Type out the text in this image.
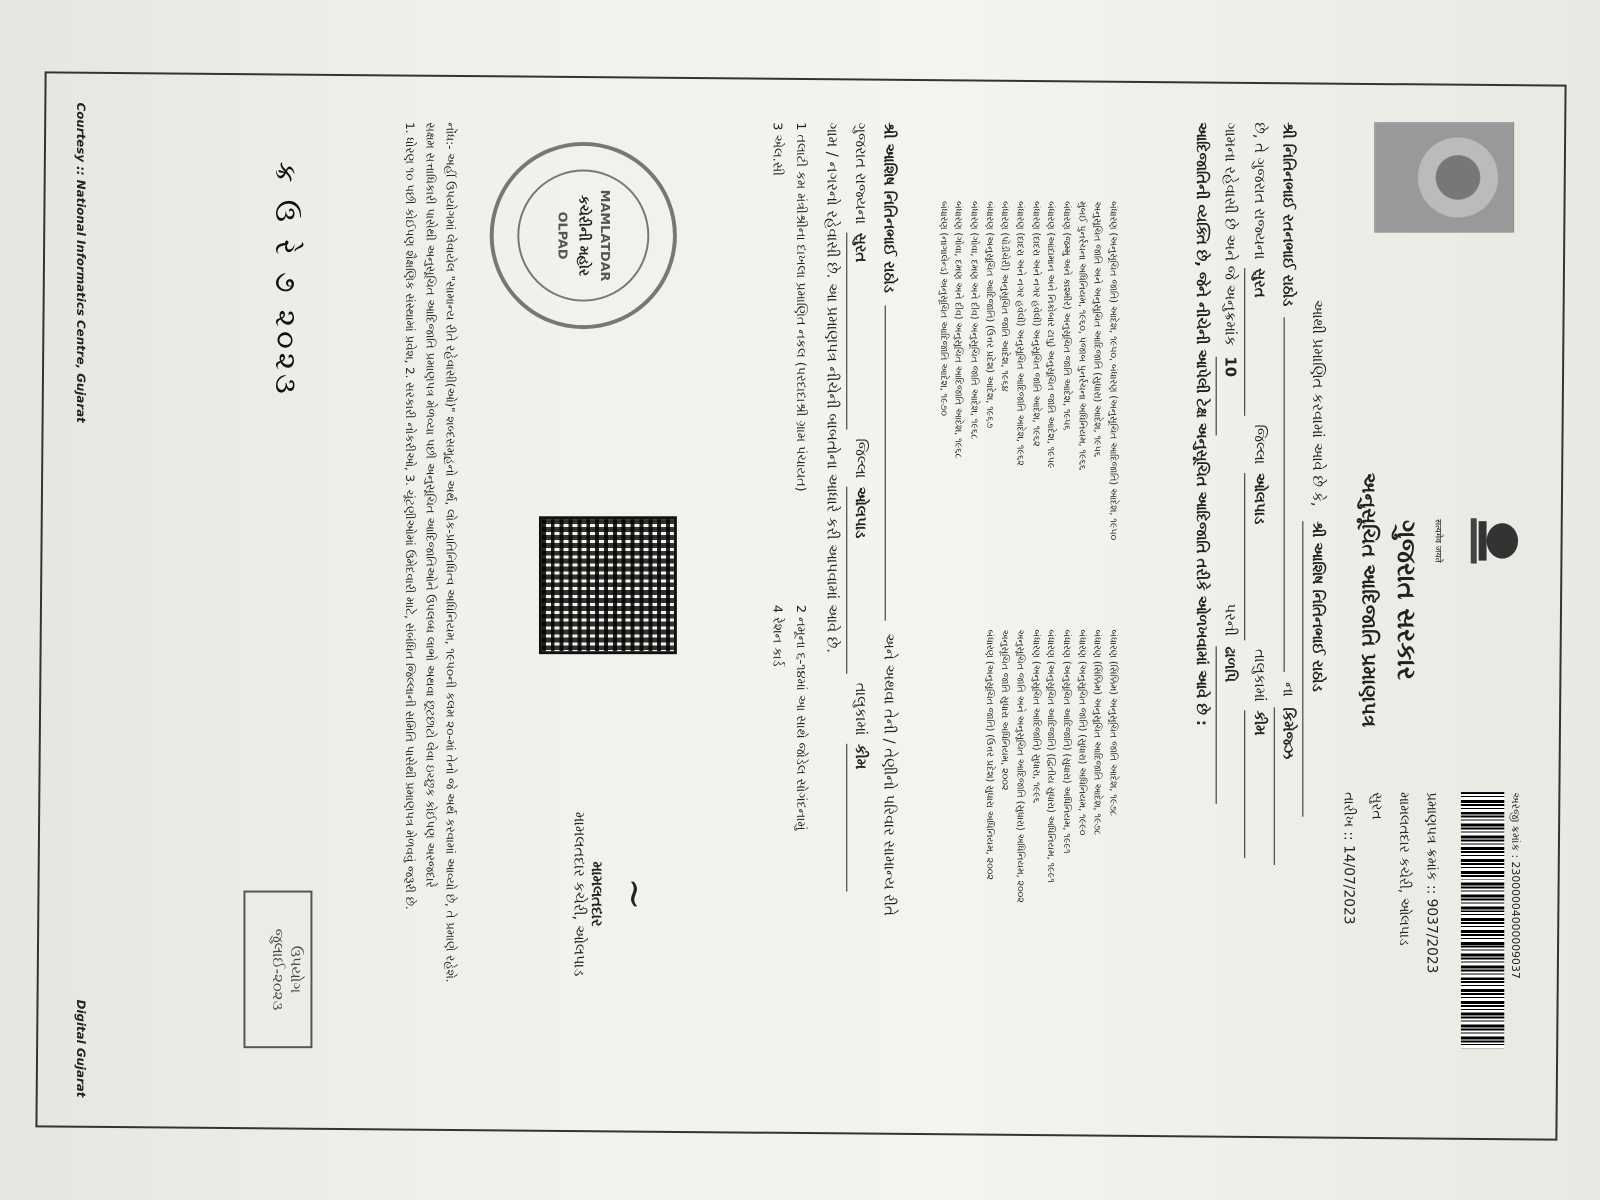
અરજી ક્રમાંક : 23000004000009037
सत्यमेव जयते
ગુજરાત સરકાર
અનુસૂચિત આદિજાતિ પ્રમાણપત્ર
પ્રમાણપત્ર ક્રમાંક :: 9037/2023
મામલતદાર કચેરી, ઓલપાડ
સુરત
તારીખ :: 14/07/2023
આથી પ્રમાણિત કરવામાં આવે છે કે, શ્રી આશિષ નિતિનભાઈ રાઠોડ
શ્રી નિતિનભાઈ રતનભાઈ રાઠોડ  ના કિમેજ્ઝ
છે, તે ગુજરાત રાજ્યના સુરત જિલ્લા ઓલપાડ તાલુકામાં કીમ
ગામના રહેવાસી છે અને જે અનુક્રમાંક 10 પરની ઢાળપિ
આદિજાતિની વ્યક્તિ છે, જેને નીચેની આપેલી ટેક્ષ અનુસૂચિત આદિજાતિ તરીકે ઓળખવામાં આવે છે :
બંધારણ (અનુસૂચિત જાતિ) આદેશ, ૧૯૫૦, બંધારણ (અનુસૂચિત આદિજાતિ) આદેશ, ૧૯૫૦
બંધારણ (સિક્કિમ) અનુસૂચિત જાતિ આદેશ, ૧૯૭૮
અનુસૂચિત જાતિ અને અનુસૂચિત આદિજાતિ (સુધારા) આદેશ, ૧૯૫૬
બંધારણ (સિક્કિમ) અનુસૂચિત આદિજાતિ આદેશ, ૧૯૭૮
મુંબઈ પુનર્રચના અધિનિયમ, ૧૯૬૦, પંજાબ પુનર્રચના અધિનિયમ, ૧૯૬૬
બંધારણ (અનુસૂચિત જાતિ) (સુધારા) અધિનિયમ, ૧૯૯૦
બંધારણ (જમ્મુ અને કાશ્મીર) અનુસૂચિત જાતિ આદેશ, ૧૯૫૬
બંધારણ (અનુસૂચિત આદિજાતિ) (સુધારા) અધિનિયમ, ૧૯૯૧
બંધારણ (આંદામાન અને નિકોબાર ટાપુ) અનુસૂચિત જાતિ આદેશ, ૧૯૫૯
બંધારણ (અનુસૂચિત આદિજાતિ) (દ્વિતીય સુધારા) અધિનિયમ, ૧૯૯૧
બંધારણ (દાદરા અને નગર હવેલી) અનુસૂચિત જાતિ આદેશ, ૧૯૬૨
બંધારણ (અનુસૂચિત આદિજાતિ) સુધારા, ૧૯૯૬
બંધારણ (દાદરા અને નગર હવેલી) અનુસૂચિત આદિજાતિ આદેશ, ૧૯૬૨
અનુસૂચિત જાતિ અને અનુસૂચિત આદિજાતિ (સુધારા) અધિનિયમ, ૨૦૦૨
બંધારણ (પોંડીચેરી) અનુસૂચિત જાતિ આદેશ, ૧૯૬૪
અનુસૂચિત જાતિ સુધારા અધિનિયમ, ૨૦૦૨
બંધારણ (અનુસૂચિત આદિજાતિ) (ઉત્તર પ્રદેશ) આદેશ, ૧૯૬૭
બંધારણ (અનુસૂચિત જાતિ) (ઉત્તર પ્રદેશ) સુધારા અધિનિયમ, ૨૦૦૨
બંધારણ (ગોવા, દમણ અને દીવ) અનુસૂચિત જાતિ આદેશ, ૧૯૬૮
બંધારણ (ગોવા, દમણ અને દીવ) અનુસૂચિત આદિજાતિ આદેશ, ૧૯૬૮
બંધારણ (નાગાલેન્ડ) અનુસૂચિત આદિજાતિ આદેશ, ૧૯૭૦
શ્રી આશિષ નિતિનભાઈ રાઠોડ  અને અથવા તેની / તેણીનો પરિવાર સામાન્ય રીતે
ગુજરાત રાજ્યના સુરત જિલ્લા ઓલપાડ તાલુકામાં કીમ
ગામ / નગરનો રહેવાસી છે. આ પ્રમાણપત્ર નીચેની બાબતોના આધારે કરી આપવામાં આવે છે.
1 તલાટી કમ મંત્રીશ્રીના દાખલા પ્રમાણિત નકલ (પરદાદાશ્રી ગ્રામ પંચાયત)
2 નમૂના ૬-૧૪માં આ સાથે જોડેલ સોગંદનામું
3 એલ.સી
4 રેશન કાર્ડ
MAMLATDAR
કચેરીની મહોર
OLPAD
~
મામલતદાર
મામલતદાર કચેરી, ઓલપાડ
નોંધ:- અહીં ઉપયોગમાં લેવાયેલ "સામાન્ય રીતે રહેવાસી(ઓ)" શબ્દસમૂહનો અર્થ, લોક-પ્રતિનિધિત્વ અધિનિયમ, ૧૯૫૦ની કલમ ૨૦-માં તેનો જે અર્થ કરવામાં આવ્યો છે, તે પ્રમાણે રહેશે.
સક્ષમ સત્તાધિકારી પાસેથી અનુસૂચિત આદિજાતિ પ્રમાણપત્ર મેળવ્યા પછી અનુસૂચિત આદિજાતિઓને ઉપલબ્ધ લાભો અથવા છૂટછાટો લેવા ઇચ્છુક કોઈપણ અરજદારે
1. ધોરણ ૧૦ પછી કોઈપણ શૈક્ષણિક સંસ્થામાં પ્રવેશ, 2. સરકારી નોકરીઓ, 3. ચૂંટણીઓમાં ઉમેદવારી માટે, સંબંધિત જિલ્લાની સમિતિ પાસેથી પ્રમાણપત્ર મેળવવું જરૂરી છે.
ક્ર ઉ રે ૭ ૨૦૨૩
ઉપયોગ
જુલાઈ-૨૦૨૩
Courtesy :: National Informatics Centre, Gujarat
Digital Gujarat
